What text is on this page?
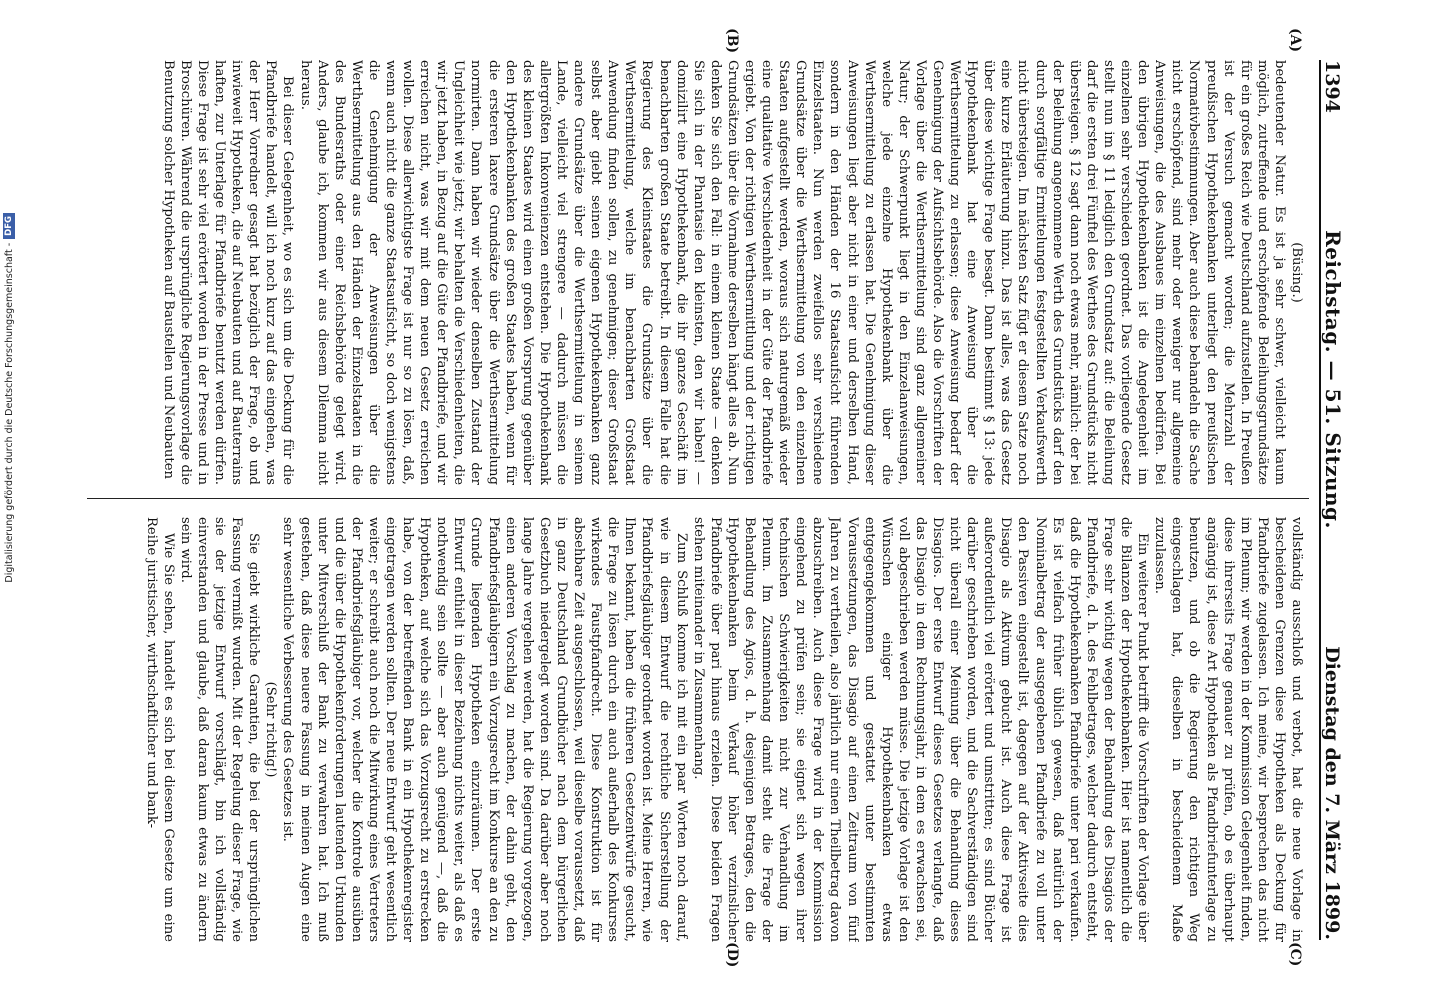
1394
Reichstag. — 51. Sitzung.
Dienstag den 7. März 1899.
(A)
(B)
(C)
(D)
(Büsing.)

bedeutender Natur. Es ist ja sehr schwer, vielleicht kaum möglich, zutreffende und erschöpfende Beleihungsgrundsätze für ein großes Reich wie Deutschland aufzustellen. In Preußen ist der Versuch gemacht worden; die Mehrzahl der preußischen Hypothekenbanken unterliegt den preußischen Normativbestimmungen. Aber auch diese behandeln die Sache nicht erschöpfend, sind mehr oder weniger nur allgemeine Anweisungen, die des Ausbaues im einzelnen bedürfen. Bei den übrigen Hypothekenbanken ist die Angelegenheit im einzelnen sehr verschieden geordnet. Das vorliegende Gesetz stellt nun im § 11 lediglich den Grundsatz auf: die Beleihung darf die ersten drei Fünftel des Werthes des Grundstücks nicht übersteigen. § 12 sagt dann noch etwas mehr, nämlich: der bei der Beleihung angenommene Werth des Grundstücks darf den durch sorgfältige Ermittelungen festgestellten Verkaufswerth nicht übersteigen. Im nächsten Satz fügt er diesem Satze noch eine kurze Erläuterung hinzu. Das ist alles, was das Gesetz über diese wichtige Frage besagt. Dann bestimmt § 13: jede Hypothekenbank hat eine Anweisung über die Werthsermittelung zu erlassen; diese Anweisung bedarf der Genehmigung der Aufsichtsbehörde. Also die Vorschriften der Vorlage über die Werthsermittelung sind ganz allgemeiner Natur; der Schwerpunkt liegt in den Einzelanweisungen, welche jede einzelne Hypothekenbank über die Werthsermittelung zu erlassen hat. Die Genehmigung dieser Anweisungen liegt aber nicht in einer und derselben Hand, sondern in den Händen der 16 Staatsaufsicht führenden Einzelstaaten. Nun werden zweifellos sehr verschiedene Grundsätze über die Werthsermittelung von den einzelnen Staaten aufgestellt werden, woraus sich naturgemäß wieder eine qualitative Verschiedenheit in der Güte der Pfandbriefe ergiebt. Von der richtigen Werthsermittlung und der richtigen Grundsätzen über die Vornahme derselben hängt alles ab. Nun denken Sie sich den Fall: in einem kleinen Staate — denken Sie sich in der Phantasie den kleinsten, den wir haben! — domizilirt eine Hypothekenbank, die ihr ganzes Geschäft im benachbarten großen Staate betreibt. In diesem Falle hat die Regierung des Kleinstaates die Grundsätze über die Werthsermittelung, welche im benachbarten Großstaat Anwendung finden sollen, zu genehmigen; dieser Großstaat selbst aber giebt seinen eigenen Hypothekenbanken ganz andere Grundsätze über die Werthsermittelung in seinem Lande, vielleicht viel strengere — dadurch müssen die allergrößten Inkonvenienzen entstehen. Die Hypothekenbank des kleinen Staates wird einen großen Vorsprung gegenüber den Hypothekenbanken des großen Staates haben, wenn für die ersteren laxere Grundsätze über die Werthsermittelung normirten. Dann haben wir wieder denselben Zustand der Ungleichheit wie jetzt; wir behalten die Verschiedenheiten, die wir jetzt haben, in Bezug auf die Güte der Pfandbriefe, und wir erreichen nicht, was wir mit dem neuen Gesetz erreichen wollen. Diese allerwichtigste Frage ist nur so zu lösen, daß, wenn auch nicht die ganze Staatsaufsicht, so doch wenigstens die Genehmigung der Anweisungen über die Werthsermittelung aus den Händen der Einzelstaaten in die des Bundesraths oder einer Reichsbehörde gelegt wird. Anders, glaube ich, kommen wir aus diesem Dilemma nicht heraus.

Bei dieser Gelegenheit, wo es sich um die Deckung für die Pfandbriefe handelt, will ich noch kurz auf das eingehen, was der Herr Vorredner gesagt hat bezüglich der Frage, ob und inwieweit Hypotheken, die auf Neubauten und auf Bauterrains haften, zur Unterlage für Pfandbriefe benutzt werden dürfen. Diese Frage ist sehr viel erörtert worden in der Presse und in Broschüren. Während die ursprüngliche Regierungsvorlage die Benutzung solcher Hypotheken auf Baustellen und Neubauten

vollständig ausschloß und verbot, hat die neue Vorlage in bescheidenen Grenzen diese Hypotheken als Deckung für Pfandbriefe zugelassen. Ich meine, wir besprechen das nicht im Plenum; wir werden in der Kommission Gelegenheit finden, diese ihrerseits Frage genauer zu prüfen, ob es überhaupt angängig ist, diese Art Hypotheken als Pfandbriefunterlage zu benutzen, und ob die Regierung den richtigen Weg eingeschlagen hat, dieselben in bescheidenem Maße zuzulassen.

Ein weiterer Punkt betrifft die Vorschriften der Vorlage über die Bilanzen der Hypothekenbanken. Hier ist namentlich die Frage sehr wichtig wegen der Behandlung des Disagios der Pfandbriefe, d. h. des Fehlbetrages, welcher dadurch entsteht, daß die Hypothekenbanken Pfandbriefe unter pari verkaufen. Es ist vielfach früher üblich gewesen, daß natürlich der Nominalbetrag der ausgegebenen Pfandbriefe zu voll unter den Passiven eingestellt ist, dagegen auf der Aktivseite dies Disagio als Aktivum gebucht ist. Auch diese Frage ist außerordentlich viel erörtert und umstritten; es sind Bücher darüber geschrieben worden, und die Sachverständigen sind nicht überall einer Meinung über die Behandlung dieses Disagios. Der erste Entwurf dieses Gesetzes verlangte, daß das Disagio in dem Rechnungsjahr, in dem es erwachsen sei, voll abgeschrieben werden müsse. Die jetzige Vorlage ist den Wünschen einiger Hypothekenbanken etwas entgegengekommen und gestattet unter bestimmten Voraussetzungen, das Disagio auf einen Zeitraum von fünf Jahren zu vertheilen, also jährlich nur einen Theilbetrag davon abzuschreiben. Auch diese Frage wird in der Kommission eingehend zu prüfen sein; sie eignet sich wegen ihrer technischen Schwierigkeiten nicht zur Verhandlung im Plenum. Im Zusammenhang damit steht die Frage der Behandlung des Agios, d. h. desjenigen Betrages, den die Hypothekenbanken beim Verkauf höher verzinslicher Pfandbriefe über pari hinaus erzielen. Diese beiden Fragen stehen miteinander in Zusammenhang.

Zum Schluß komme ich mit ein paar Worten noch darauf, wie in diesem Entwurf die rechtliche Sicherstellung der Pfandbriefsgläubiger geordnet worden ist. Meine Herren, wie Ihnen bekannt, haben die früheren Gesetzentwürfe gesucht, die Frage zu lösen durch ein auch außerhalb des Konkurses wirkendes Faustpfandrecht. Diese Konstruktion ist für absehbare Zeit ausgeschlossen, weil dieselbe voraussetzt, daß in ganz Deutschland Grundbücher nach dem bürgerlichen Gesetzbuch niedergelegt worden sind. Da darüber aber noch lange Jahre vergehen werden, hat die Regierung vorgezogen, einen anderen Vorschlag zu machen, der dahin geht, den Pfandbriefsgläubigern ein Vorzugsrecht im Konkurse an den zu Grunde liegenden Hypotheken einzuräumen. Der erste Entwurf enthielt in dieser Beziehung nichts weiter, als daß es nothwendig sein sollte — aber auch genügend —, daß die Hypotheken, auf welche sich das Vorzugsrecht zu erstrecken habe, von der betreffenden Bank in ein Hypothekenregister eingetragen werden sollten. Der neue Entwurf geht wesentlich weiter; er schreibt auch noch die Mitwirkung eines Vertreters der Pfandbriefsgläubiger vor, welcher die Kontrole ausüben und die über die Hypothekenforderungen lautenden Urkunden unter Mitverschluß der Bank zu verwahren hat. Ich muß gestehen, daß diese neuere Fassung in meinen Augen eine sehr wesentliche Verbesserung des Gesetzes ist.

(Sehr richtig!)

Sie giebt wirkliche Garantien, die bei der ursprünglichen Fassung vermißt wurden. Mit der Regelung dieser Frage, wie sie der jetzige Entwurf vorschlägt, bin ich vollständig einverstanden und glaube, daß daran kaum etwas zu ändern sein wird.

Wie Sie sehen, handelt es sich bei diesem Gesetze um eine Reihe juristischer, wirthschaftlicher und bank-

Digitalisierung gefördert durch die Deutsche Forschungsgemeinschaft -
DFG
